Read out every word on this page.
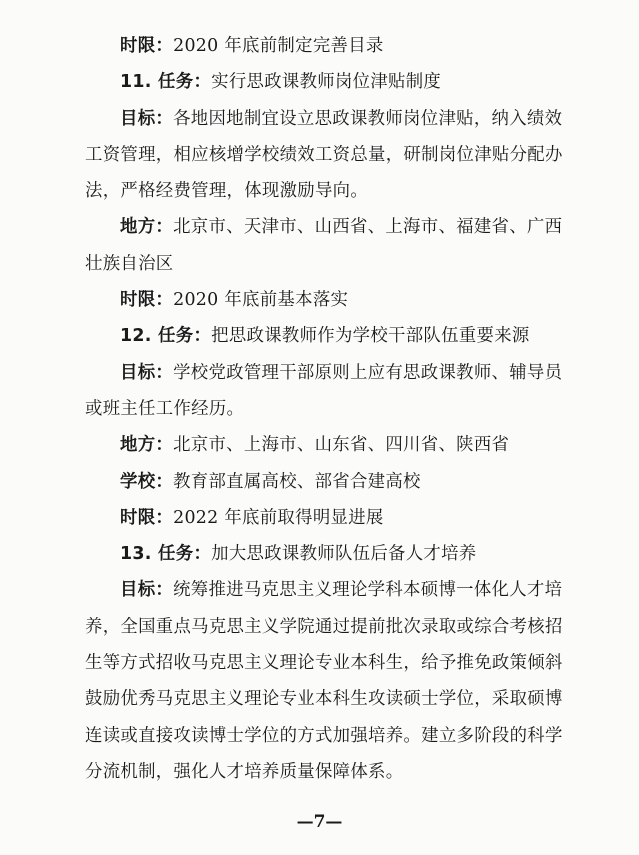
时限：2020 年底前制定完善目录

11. 任务：实行思政课教师岗位津贴制度

目标：各地因地制宜设立思政课教师岗位津贴，纳入绩效工资管理，相应核增学校绩效工资总量，研制岗位津贴分配办法，严格经费管理，体现激励导向。

地方：北京市、天津市、山西省、上海市、福建省、广西壮族自治区

时限：2020 年底前基本落实

12. 任务：把思政课教师作为学校干部队伍重要来源

目标：学校党政管理干部原则上应有思政课教师、辅导员或班主任工作经历。

地方：北京市、上海市、山东省、四川省、陕西省

学校：教育部直属高校、部省合建高校

时限：2022 年底前取得明显进展

13. 任务：加大思政课教师队伍后备人才培养

目标：统筹推进马克思主义理论学科本硕博一体化人才培养，全国重点马克思主义学院通过提前批次录取或综合考核招生等方式招收马克思主义理论专业本科生，给予推免政策倾斜鼓励优秀马克思主义理论专业本科生攻读硕士学位，采取硕博连读或直接攻读博士学位的方式加强培养。建立多阶段的科学分流机制，强化人才培养质量保障体系。

—7—
